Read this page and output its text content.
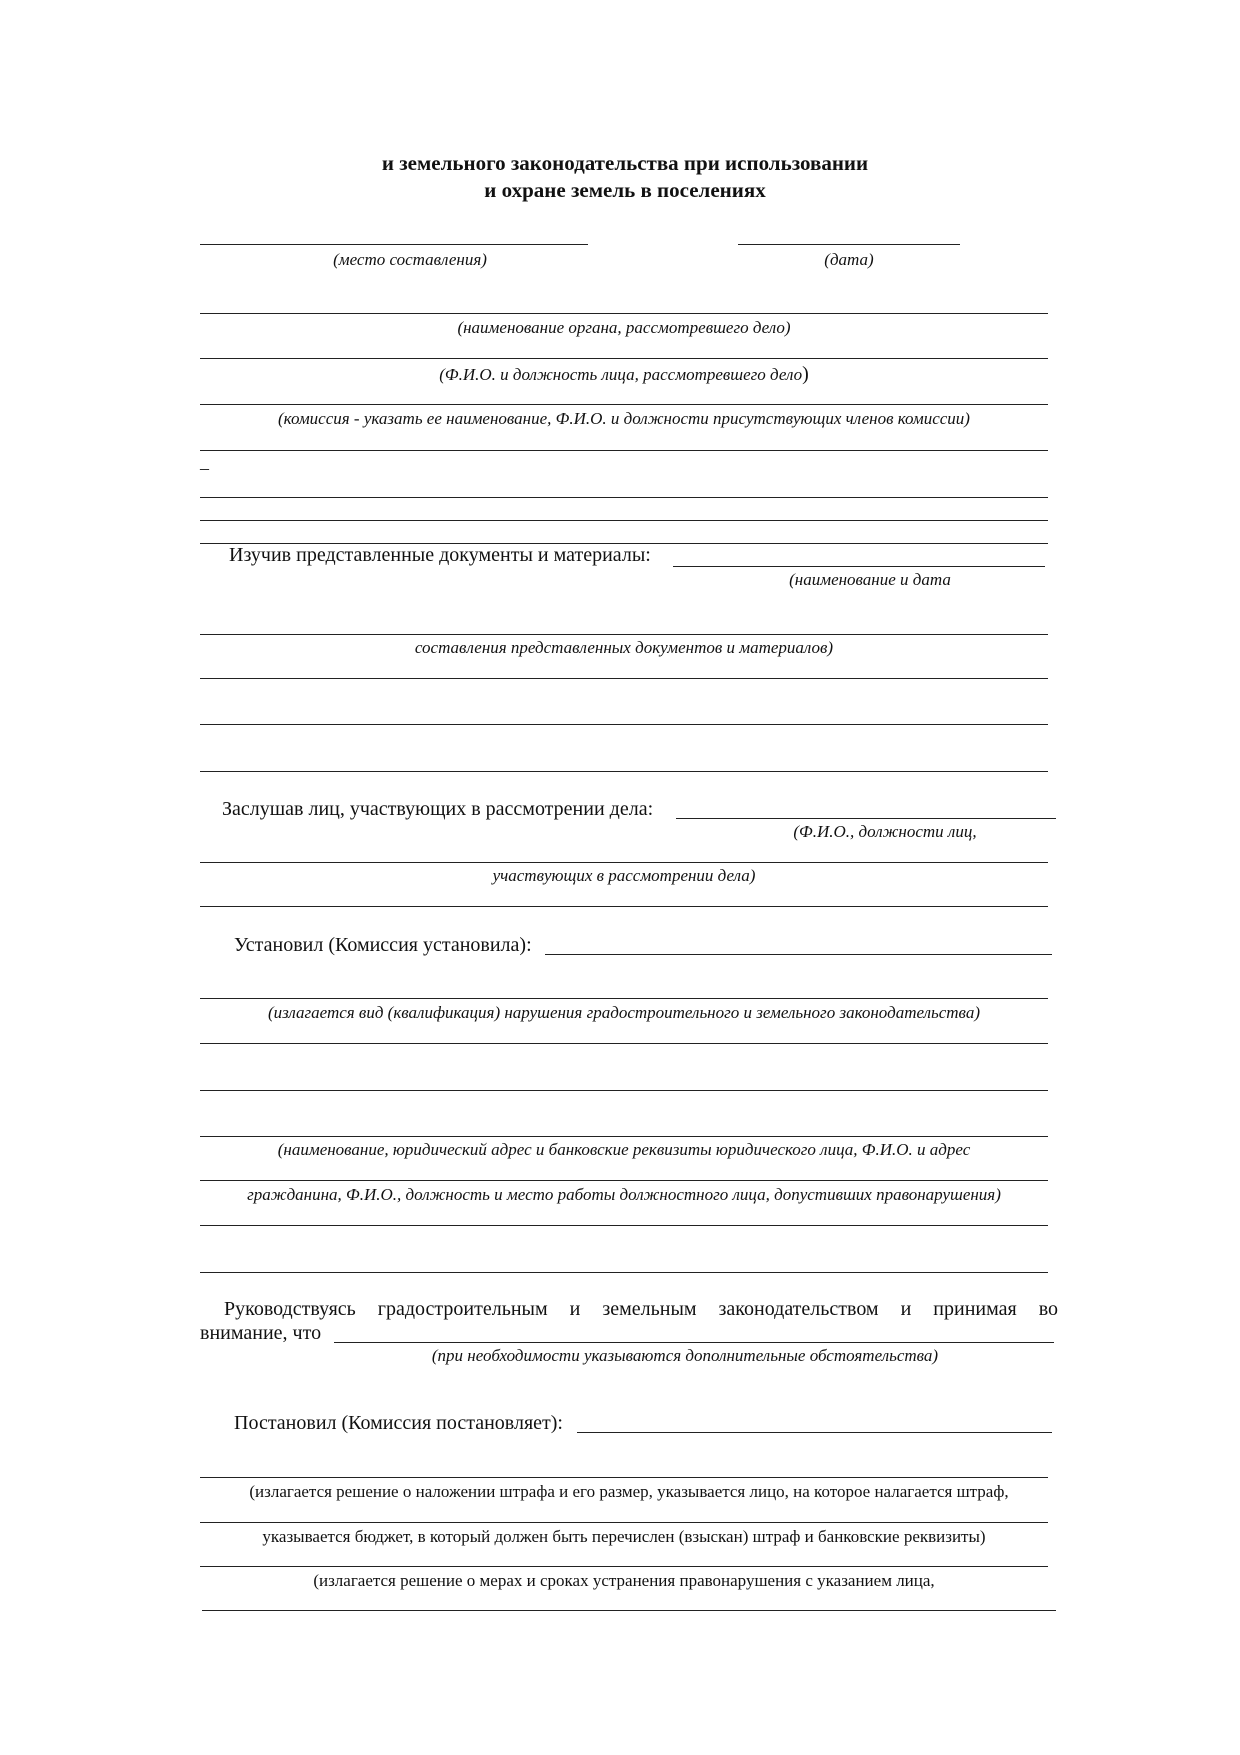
и земельного законодательства при использовании
и охране земель в поселениях
(место составления)	(дата)
(наименование органа, рассмотревшего дело)
(Ф.И.О. и должность лица, рассмотревшего дело)
(комиссия - указать ее наименование, Ф.И.О. и должности присутствующих членов комиссии)
–
Изучив представленные документы и материалы:
(наименование и дата
составления представленных документов и материалов)
Заслушав лиц, участвующих в рассмотрении дела:
(Ф.И.О., должности лиц,
участвующих в рассмотрении дела)
Установил (Комиссия установила):
(излагается вид (квалификация) нарушения градостроительного и земельного законодательства)
(наименование, юридический адрес и банковские реквизиты юридического лица, Ф.И.О. и адрес
гражданина, Ф.И.О., должность и место работы должностного лица, допустивших правонарушения)
Руководствуясь градостроительным и земельным законодательством и принимая во
внимание, что
(при необходимости указываются дополнительные обстоятельства)
Постановил (Комиссия постановляет):
(излагается решение о наложении штрафа и его размер, указывается лицо, на которое налагается штраф,
указывается бюджет, в который должен быть перечислен (взыскан) штраф и банковские реквизиты)
(излагается решение о мерах и сроках устранения правонарушения с указанием лица,
